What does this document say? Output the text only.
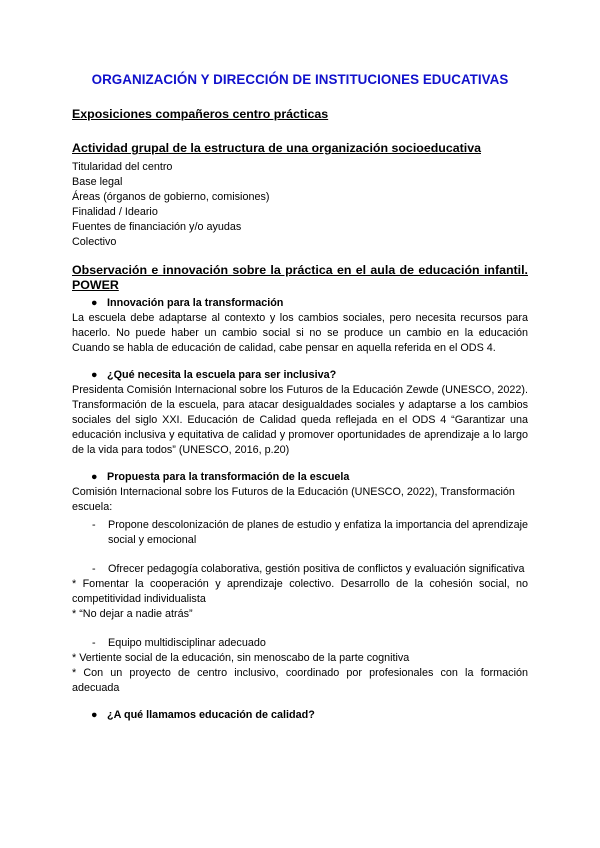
ORGANIZACIÓN Y DIRECCIÓN DE INSTITUCIONES EDUCATIVAS

Exposiciones compañeros centro prácticas

Actividad grupal de la estructura de una organización socioeducativa

Titularidad del centro

Base legal

Áreas (órganos de gobierno, comisiones)

Finalidad / Ideario

Fuentes de financiación y/o ayudas

Colectivo

Observación e innovación sobre la práctica en el aula de educación infantil. POWER

● Innovación para la transformación

La escuela debe adaptarse al contexto y los cambios sociales, pero necesita recursos para hacerlo. No puede haber un cambio social si no se produce un cambio en la educación Cuando se habla de educación de calidad, cabe pensar en aquella referida en el ODS 4.

● ¿Qué necesita la escuela para ser inclusiva?

Presidenta Comisión Internacional sobre los Futuros de la Educación Zewde (UNESCO, 2022). Transformación de la escuela, para atacar desigualdades sociales y adaptarse a los cambios sociales del siglo XXI. Educación de Calidad queda reflejada en el ODS 4 “Garantizar una educación inclusiva y equitativa de calidad y promover oportunidades de aprendizaje a lo largo de la vida para todos” (UNESCO, 2016, p.20)

● Propuesta para la transformación de la escuela

Comisión Internacional sobre los Futuros de la Educación (UNESCO, 2022), Transformación escuela:

- Propone descolonización de planes de estudio y enfatiza la importancia del aprendizaje social y emocional
- Ofrecer pedagogía colaborativa, gestión positiva de conflictos y evaluación significativa

* Fomentar la cooperación y aprendizaje colectivo. Desarrollo de la cohesión social, no competitividad individualista

* “No dejar a nadie atrás”

- Equipo multidisciplinar adecuado

* Vertiente social de la educación, sin menoscabo de la parte cognitiva

* Con un proyecto de centro inclusivo, coordinado por profesionales con la formación adecuada

● ¿A qué llamamos educación de calidad?
